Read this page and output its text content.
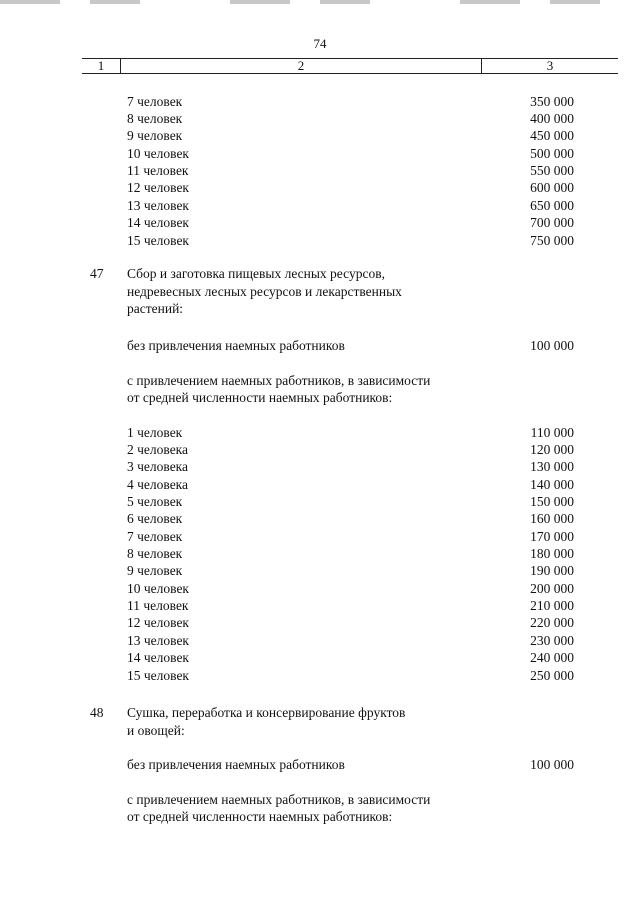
74
1	2	3
7 человек	350 000
8 человек	400 000
9 человек	450 000
10 человек	500 000
11 человек	550 000
12 человек	600 000
13 человек	650 000
14 человек	700 000
15 человек	750 000
47 Сбор и заготовка пищевых лесных ресурсов,
недревесных лесных ресурсов и лекарственных
растений:
без привлечения наемных работников	100 000
с привлечением наемных работников, в зависимости
от средней численности наемных работников:
1 человек	110 000
2 человека	120 000
3 человека	130 000
4 человека	140 000
5 человек	150 000
6 человек	160 000
7 человек	170 000
8 человек	180 000
9 человек	190 000
10 человек	200 000
11 человек	210 000
12 человек	220 000
13 человек	230 000
14 человек	240 000
15 человек	250 000
48 Сушка, переработка и консервирование фруктов
и овощей:
без привлечения наемных работников	100 000
с привлечением наемных работников, в зависимости
от средней численности наемных работников:
